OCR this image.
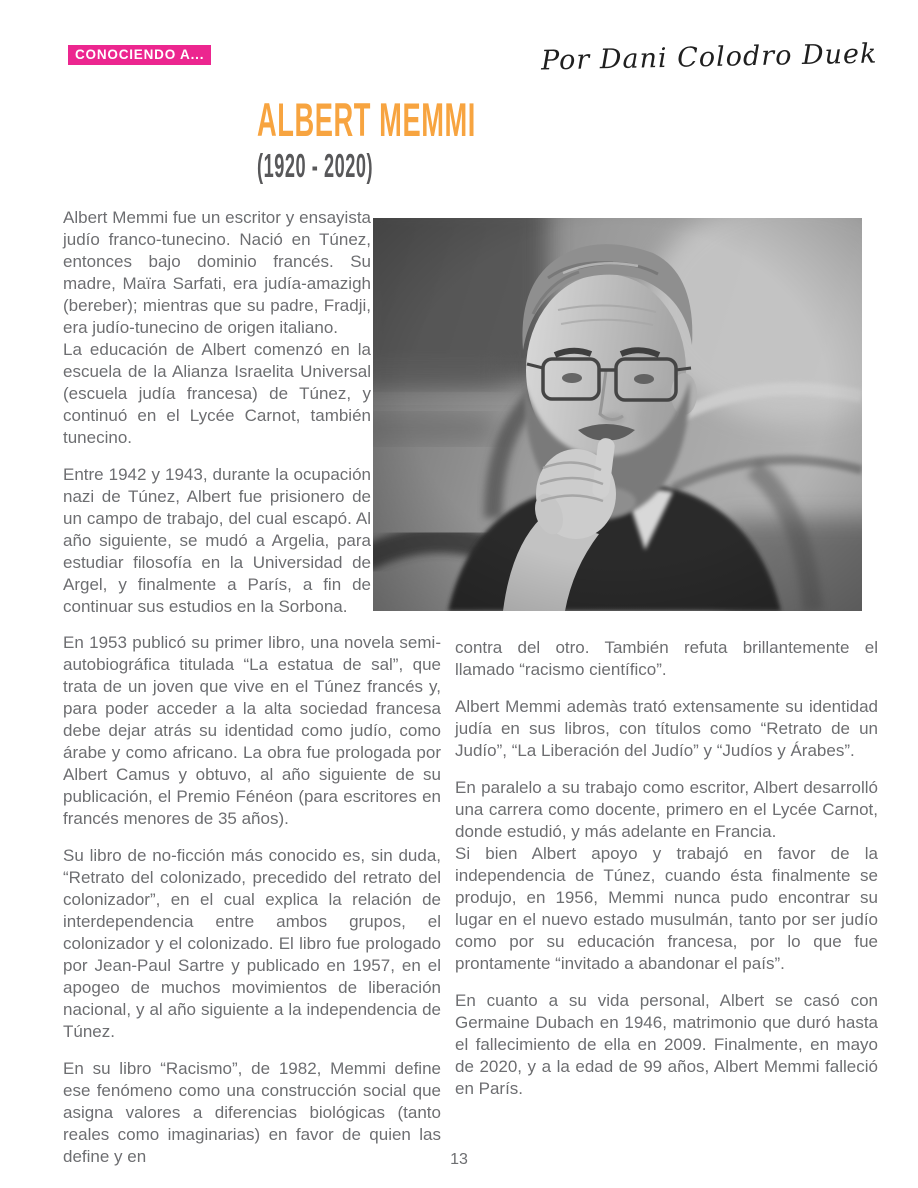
CONOCIENDO A...	Por Dani Colodro Duek
ALBERT MEMMI
(1920 - 2020)

Albert Memmi fue un escritor y ensayista judío franco-tunecino. Nació en Túnez, entonces bajo dominio francés. Su madre, Maïra Sarfati, era judía-amazigh (bereber); mientras que su padre, Fradji, era judío-tunecino de origen italiano.

La educación de Albert comenzó en la escuela de la Alianza Israelita Universal (escuela judía francesa) de Túnez, y continuó en el Lycée Carnot, también tunecino.

Entre 1942 y 1943, durante la ocupación nazi de Túnez, Albert fue prisionero de un campo de trabajo, del cual escapó. Al año siguiente, se mudó a Argelia, para estudiar filosofía en la Universidad de Argel, y finalmente a París, a fin de continuar sus estudios en la Sorbona.

En 1953 publicó su primer libro, una novela semi-autobiográfica titulada “La estatua de sal”, que trata de un joven que vive en el Túnez francés y, para poder acceder a la alta sociedad francesa debe dejar atrás su identidad como judío, como árabe y como africano. La obra fue prologada por Albert Camus y obtuvo, al año siguiente de su publicación, el Premio Fénéon (para escritores en francés menores de 35 años).

Su libro de no-ficción más conocido es, sin duda, “Retrato del colonizado, precedido del retrato del colonizador”, en el cual explica la relación de interdependencia entre ambos grupos, el colonizador y el colonizado. El libro fue prologado por Jean-Paul Sartre y publicado en 1957, en el apogeo de muchos movimientos de liberación nacional, y al año siguiente a la independencia de Túnez.

En su libro “Racismo”, de 1982, Memmi define ese fenómeno como una construcción social que asigna valores a diferencias biológicas (tanto reales como imaginarias) en favor de quien las define y en

contra del otro. También refuta brillantemente el llamado “racismo científico”.

Albert Memmi ademàs trató extensamente su identidad judía en sus libros, con títulos como “Retrato de un Judío”, “La Liberación del Judío” y “Judíos y Árabes”.

En paralelo a su trabajo como escritor, Albert desarrolló una carrera como docente, primero en el Lycée Carnot, donde estudió, y más adelante en Francia.

Si bien Albert apoyo y trabajó en favor de la independencia de Túnez, cuando ésta finalmente se produjo, en 1956, Memmi nunca pudo encontrar su lugar en el nuevo estado musulmán, tanto por ser judío como por su educación francesa, por lo que fue prontamente “invitado a abandonar el país”.

En cuanto a su vida personal, Albert se casó con Germaine Dubach en 1946, matrimonio que duró hasta el fallecimiento de ella en 2009. Finalmente, en mayo de 2020, y a la edad de 99 años, Albert Memmi falleció en París.

13
